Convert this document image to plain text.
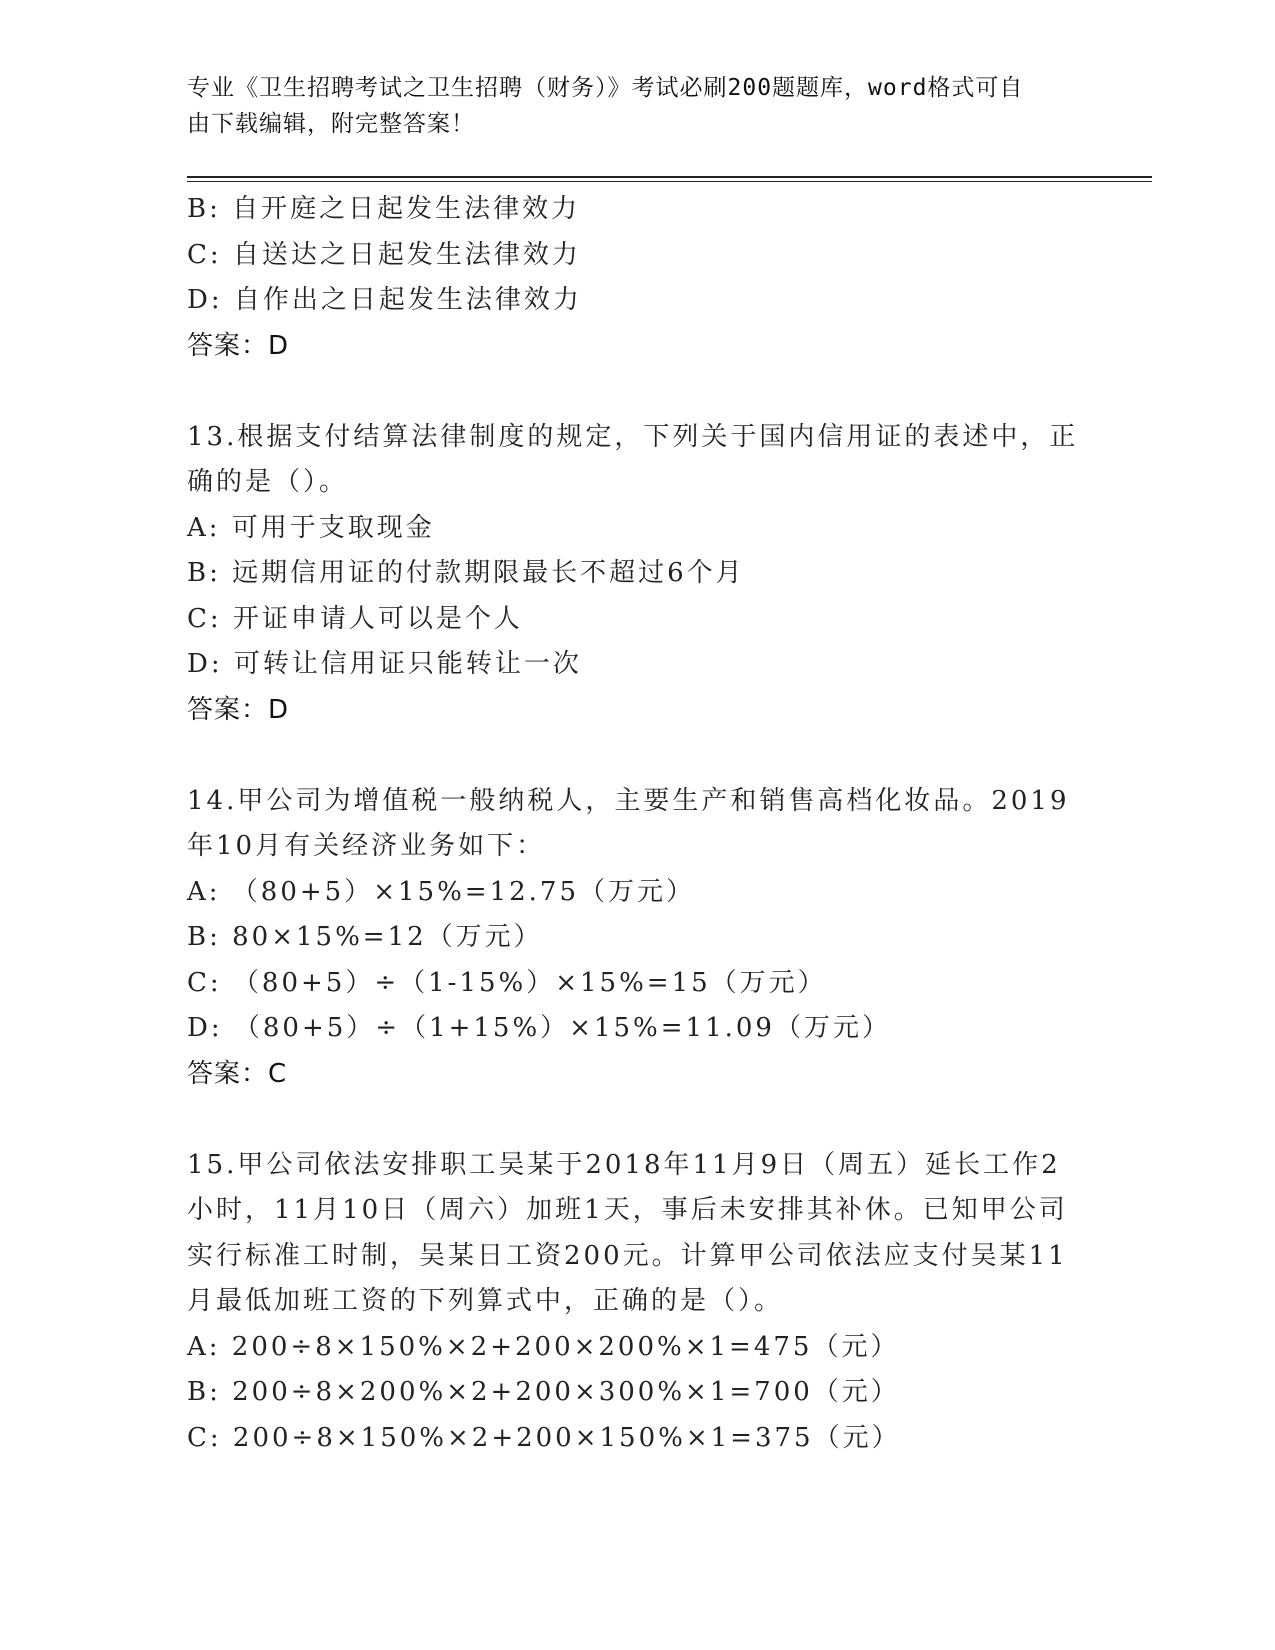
专业《卫生招聘考试之卫生招聘（财务）》考试必刷200题题库，word格式可自
由下载编辑，附完整答案！
B: 自开庭之日起发生法律效力
C: 自送达之日起发生法律效力
D: 自作出之日起发生法律效力
答案：D
13.根据支付结算法律制度的规定，下列关于国内信用证的表述中，正
确的是（）。
A: 可用于支取现金
B: 远期信用证的付款期限最长不超过6个月
C: 开证申请人可以是个人
D: 可转让信用证只能转让一次
答案：D
14.甲公司为增值税一般纳税人，主要生产和销售高档化妆品。2019
年10月有关经济业务如下：
A: （80+5）×15%=12.75（万元）
B: 80×15%=12（万元）
C: （80+5）÷（1-15%）×15%=15（万元）
D: （80+5）÷（1+15%）×15%=11.09（万元）
答案：C
15.甲公司依法安排职工吴某于2018年11月9日（周五）延长工作2
小时，11月10日（周六）加班1天，事后未安排其补休。已知甲公司
实行标准工时制，吴某日工资200元。计算甲公司依法应支付吴某11
月最低加班工资的下列算式中，正确的是（）。
A: 200÷8×150%×2+200×200%×1=475（元）
B: 200÷8×200%×2+200×300%×1=700（元）
C: 200÷8×150%×2+200×150%×1=375（元）
